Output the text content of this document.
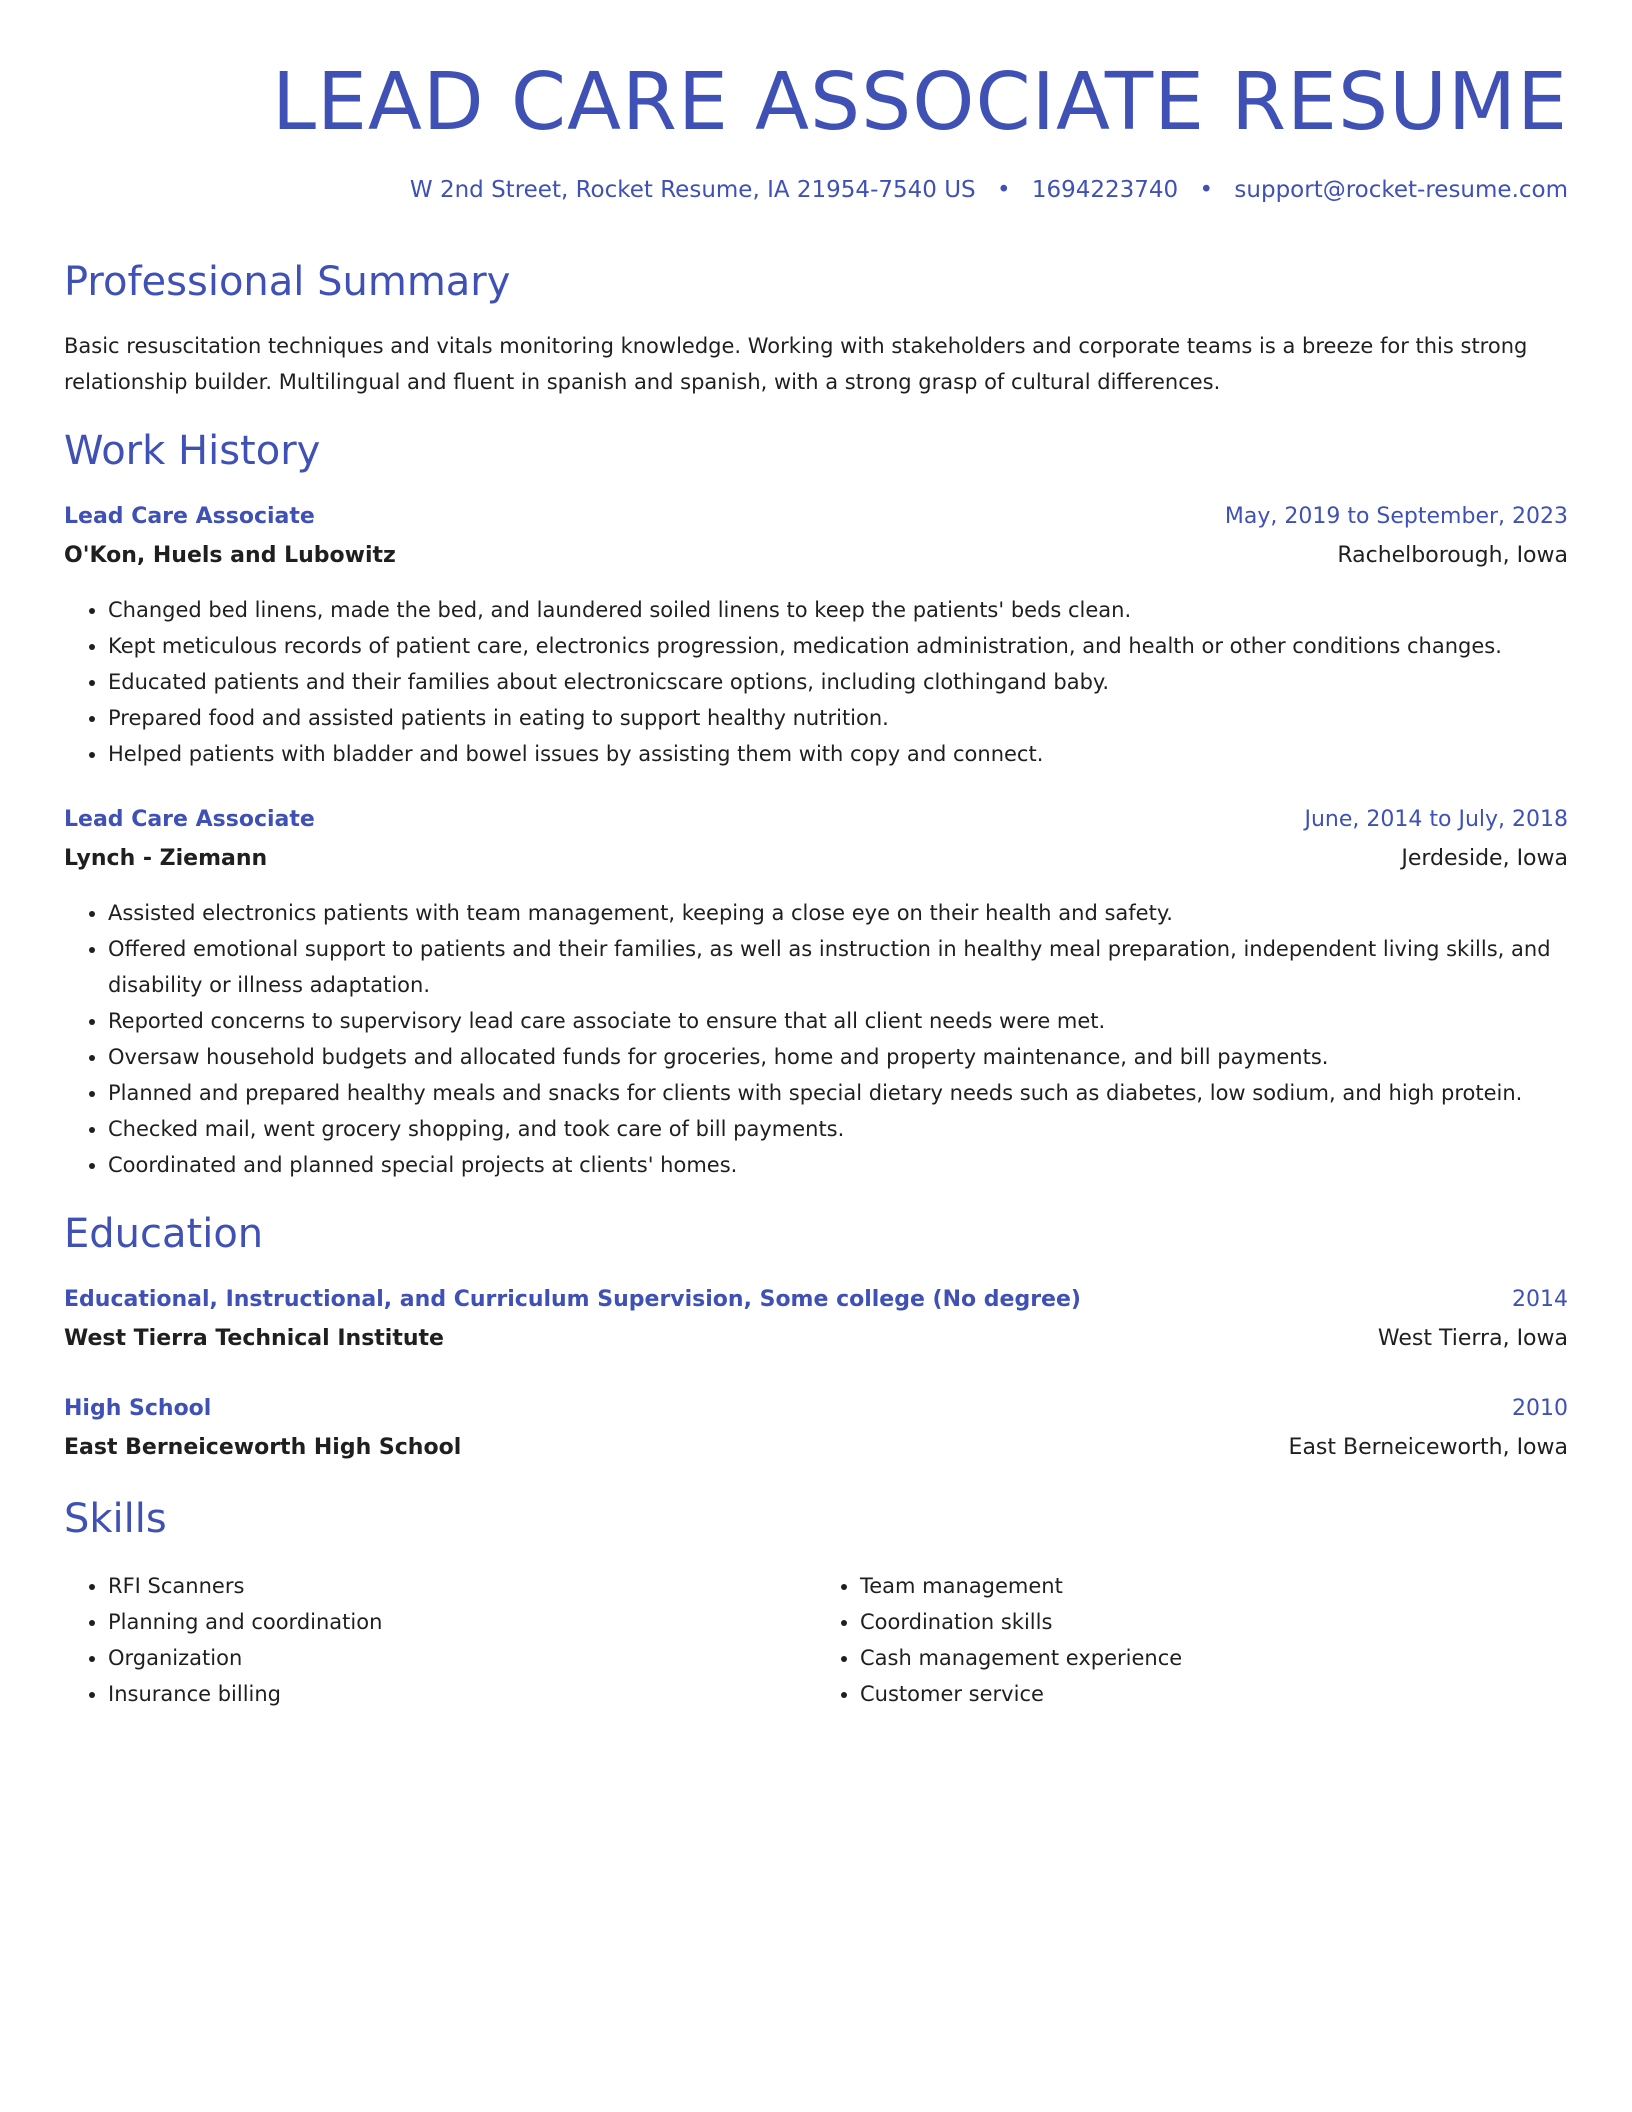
LEAD CARE ASSOCIATE RESUME
W 2nd Street, Rocket Resume, IA 21954-7540 US • 1694223740 • support@rocket-resume.com
Professional Summary

Basic resuscitation techniques and vitals monitoring knowledge. Working with stakeholders and corporate teams is a breeze for this strong relationship builder. Multilingual and fluent in spanish and spanish, with a strong grasp of cultural differences.

Work History
Lead Care Associate	May, 2019 to September, 2023
O'Kon, Huels and Lubowitz	Rachelborough, Iowa
• Changed bed linens, made the bed, and laundered soiled linens to keep the patients' beds clean.
• Kept meticulous records of patient care, electronics progression, medication administration, and health or other conditions changes.
• Educated patients and their families about electronicscare options, including clothingand baby.
• Prepared food and assisted patients in eating to support healthy nutrition.
• Helped patients with bladder and bowel issues by assisting them with copy and connect.
Lead Care Associate	June, 2014 to July, 2018
Lynch - Ziemann	Jerdeside, Iowa
• Assisted electronics patients with team management, keeping a close eye on their health and safety.
• Offered emotional support to patients and their families, as well as instruction in healthy meal preparation, independent living skills, and disability or illness adaptation.
• Reported concerns to supervisory lead care associate to ensure that all client needs were met.
• Oversaw household budgets and allocated funds for groceries, home and property maintenance, and bill payments.
• Planned and prepared healthy meals and snacks for clients with special dietary needs such as diabetes, low sodium, and high protein.
• Checked mail, went grocery shopping, and took care of bill payments.
• Coordinated and planned special projects at clients' homes.
Education
Educational, Instructional, and Curriculum Supervision, Some college (No degree)	2014
West Tierra Technical Institute	West Tierra, Iowa
High School	2010
East Berneiceworth High School	East Berneiceworth, Iowa
Skills
• RFI Scanners
• Planning and coordination
• Organization
• Insurance billing
• Team management
• Coordination skills
• Cash management experience
• Customer service
